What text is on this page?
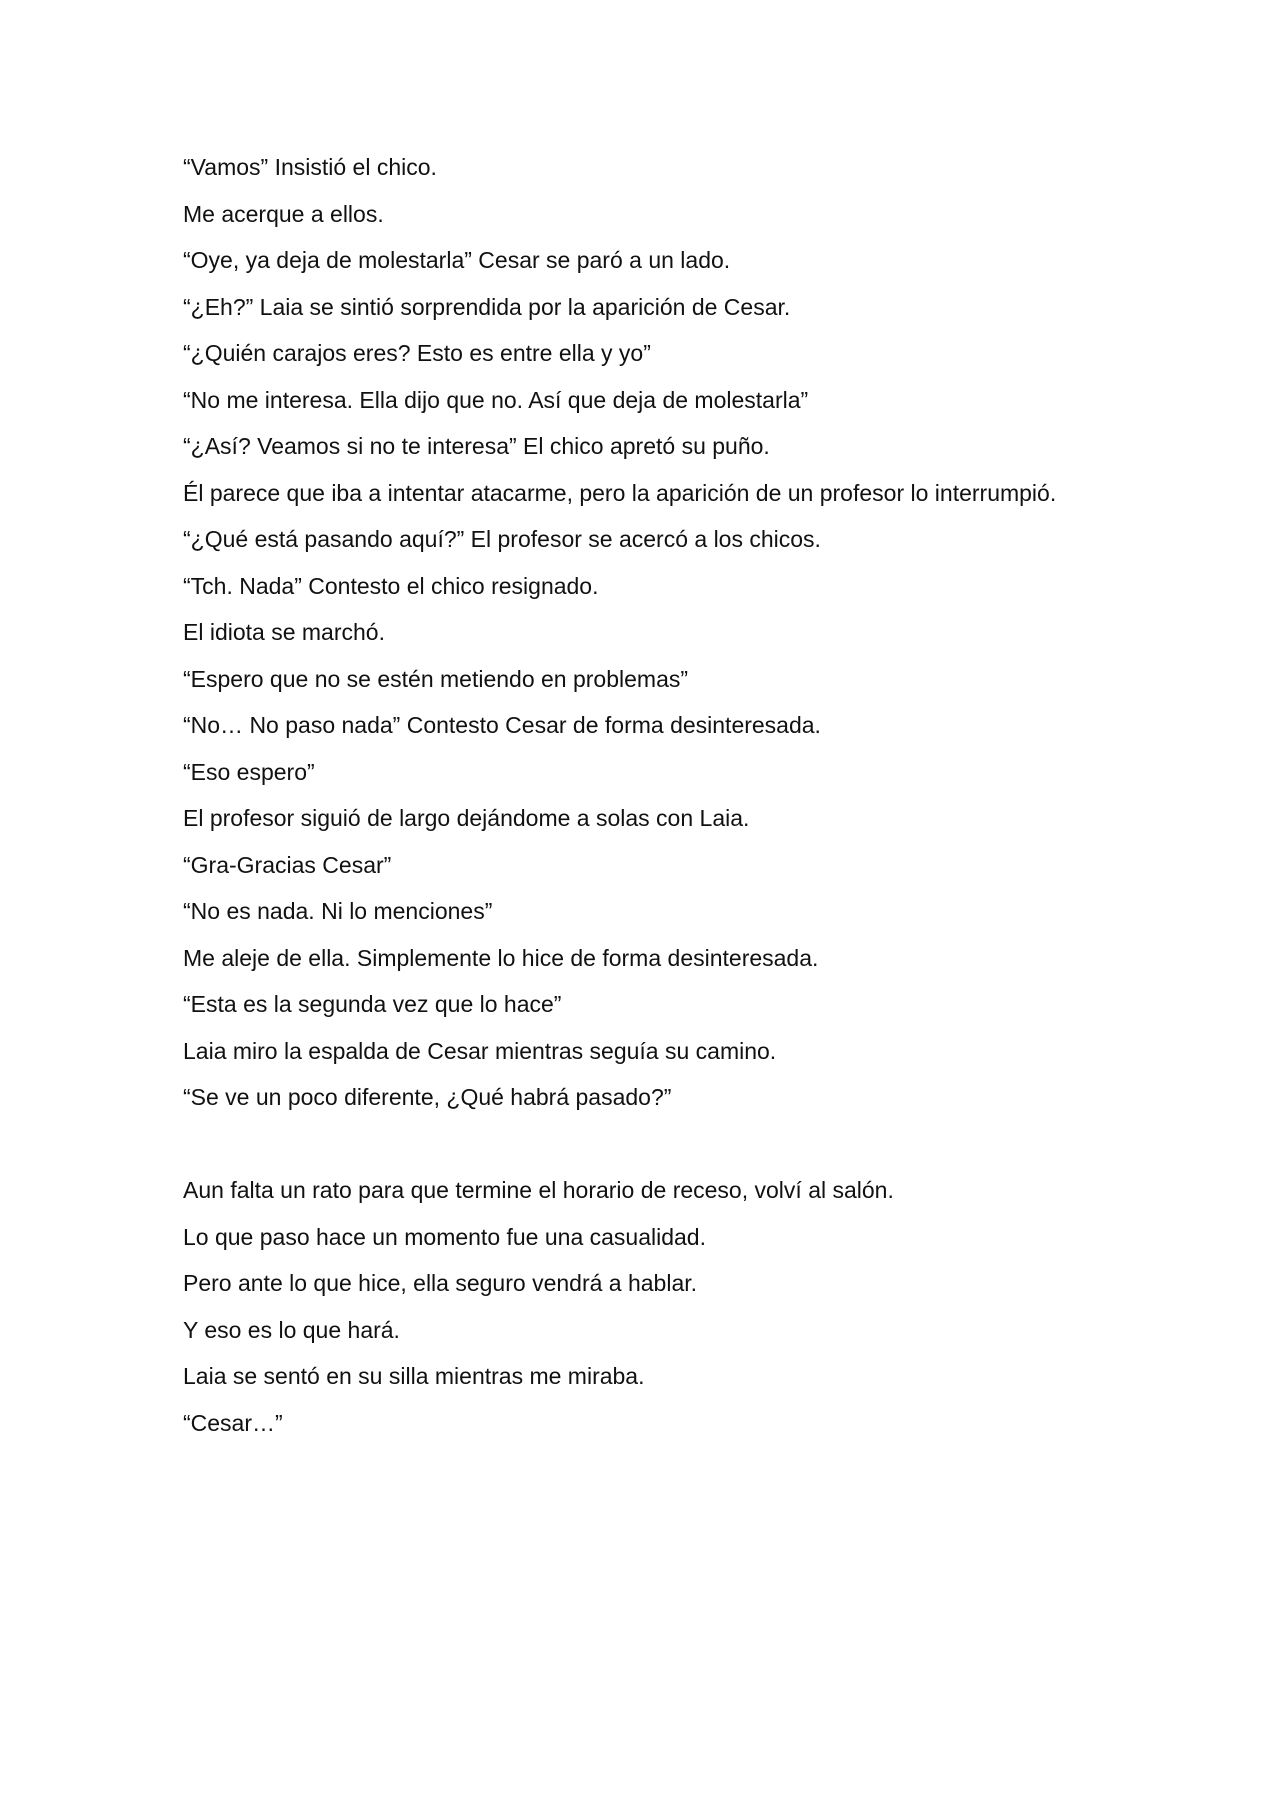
“Vamos” Insistió el chico.
Me acerque a ellos.
“Oye, ya deja de molestarla” Cesar se paró a un lado.
“¿Eh?” Laia se sintió sorprendida por la aparición de Cesar.
“¿Quién carajos eres? Esto es entre ella y yo”
“No me interesa. Ella dijo que no. Así que deja de molestarla”
“¿Así? Veamos si no te interesa” El chico apretó su puño.
Él parece que iba a intentar atacarme, pero la aparición de un profesor lo interrumpió.
“¿Qué está pasando aquí?” El profesor se acercó a los chicos.
“Tch. Nada” Contesto el chico resignado.
El idiota se marchó.
“Espero que no se estén metiendo en problemas”
“No… No paso nada” Contesto Cesar de forma desinteresada.
“Eso espero”
El profesor siguió de largo dejándome a solas con Laia.
“Gra-Gracias Cesar”
“No es nada. Ni lo menciones”
Me aleje de ella. Simplemente lo hice de forma desinteresada.
“Esta es la segunda vez que lo hace”
Laia miro la espalda de Cesar mientras seguía su camino.
“Se ve un poco diferente, ¿Qué habrá pasado?”
Aun falta un rato para que termine el horario de receso, volví al salón.
Lo que paso hace un momento fue una casualidad.
Pero ante lo que hice, ella seguro vendrá a hablar.
Y eso es lo que hará.
Laia se sentó en su silla mientras me miraba.
“Cesar…”
